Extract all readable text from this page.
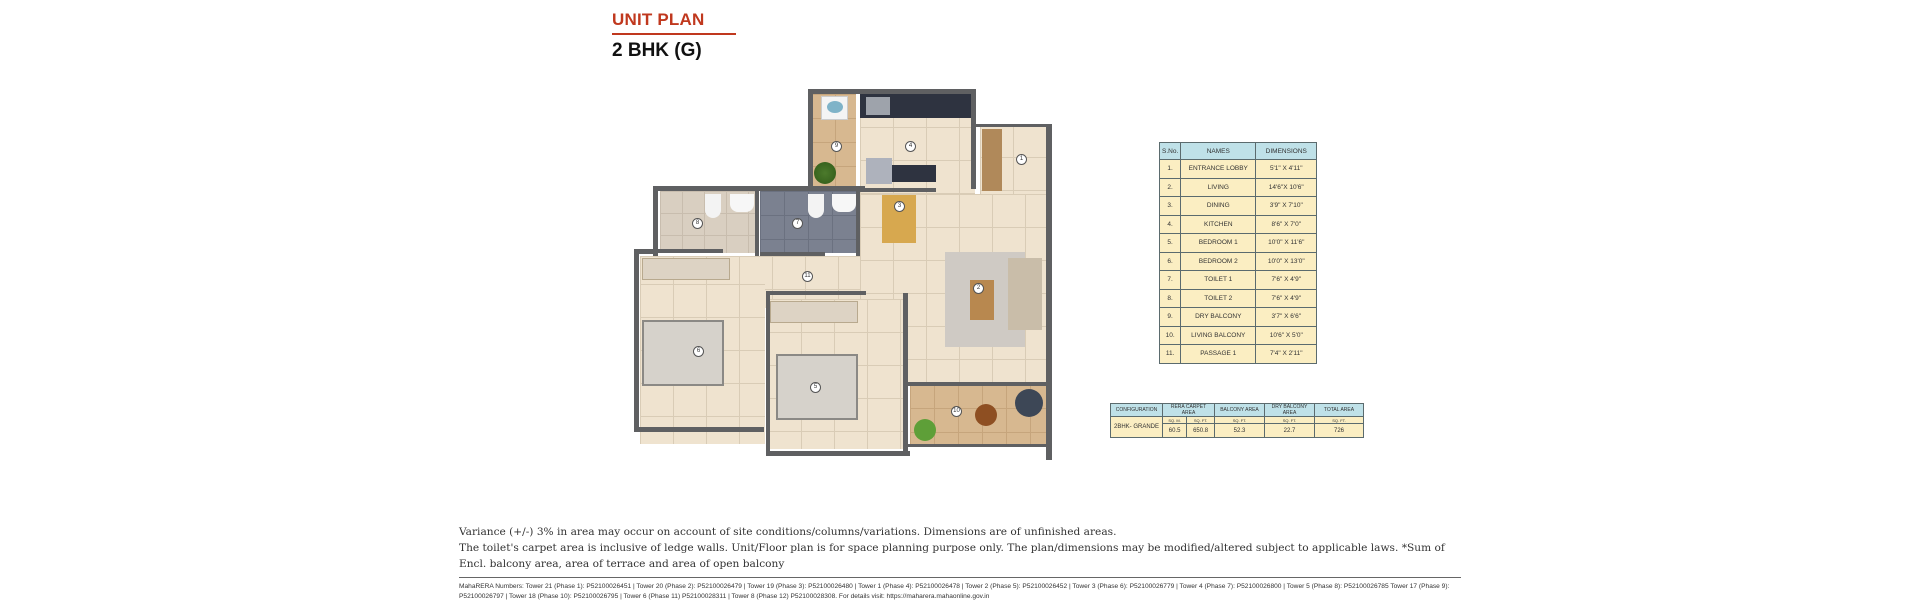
UNIT PLAN
2 BHK (G)
1
2
3
4
5
6
7
8
9
10
11
S.No.	NAMES	DIMENSIONS
1.	ENTRANCE LOBBY	5'1" X 4'11"
2.	LIVING	14'6"X 10'6"
3.	DINING	3'9" X 7'10"
4.	KITCHEN	8'6" X 7'0"
5.	BEDROOM 1	10'0" X 11'6"
6.	BEDROOM 2	10'0" X 13'0"
7.	TOILET 1	7'6" X 4'9"
8.	TOILET 2	7'6" X 4'9"
9.	DRY BALCONY	3'7" X 6'6"
10.	LIVING BALCONY	10'6" X 5'0"
11.	PASSAGE 1	7'4" X 2'11"
CONFIGURATION	RERA CARPET AREA		BALCONY AREA	DRY BALCONY AREA	TOTAL AREA
2BHK- GRANDE	SQ. M.	SQ. FT.	SQ. FT.	SQ. FT.	SQ. FT.
	60.5	650.8	52.3	22.7	726
Variance (+/-) 3% in area may occur on account of site conditions/columns/variations. Dimensions are of unfinished areas.
The toilet's carpet area is inclusive of ledge walls. Unit/Floor plan is for space planning purpose only. The plan/dimensions may be modified/altered subject to applicable laws. *Sum of Encl. balcony area, area of terrace and area of open balcony
MahaRERA Numbers: Tower 21 (Phase 1): P52100026451 | Tower 20 (Phase 2): P52100026479 | Tower 19 (Phase 3): P52100026480 | Tower 1 (Phase 4): P52100026478 | Tower 2 (Phase 5): P52100026452 | Tower 3 (Phase 6): P52100026779 | Tower 4 (Phase 7): P52100026800 | Tower 5 (Phase 8): P52100026785 Tower 17 (Phase 9): P52100026797 | Tower 18 (Phase 10): P52100026795 | Tower 6 (Phase 11) P52100028311 | Tower 8 (Phase 12) P52100028308. For details visit: https://maharera.mahaonline.gov.in
